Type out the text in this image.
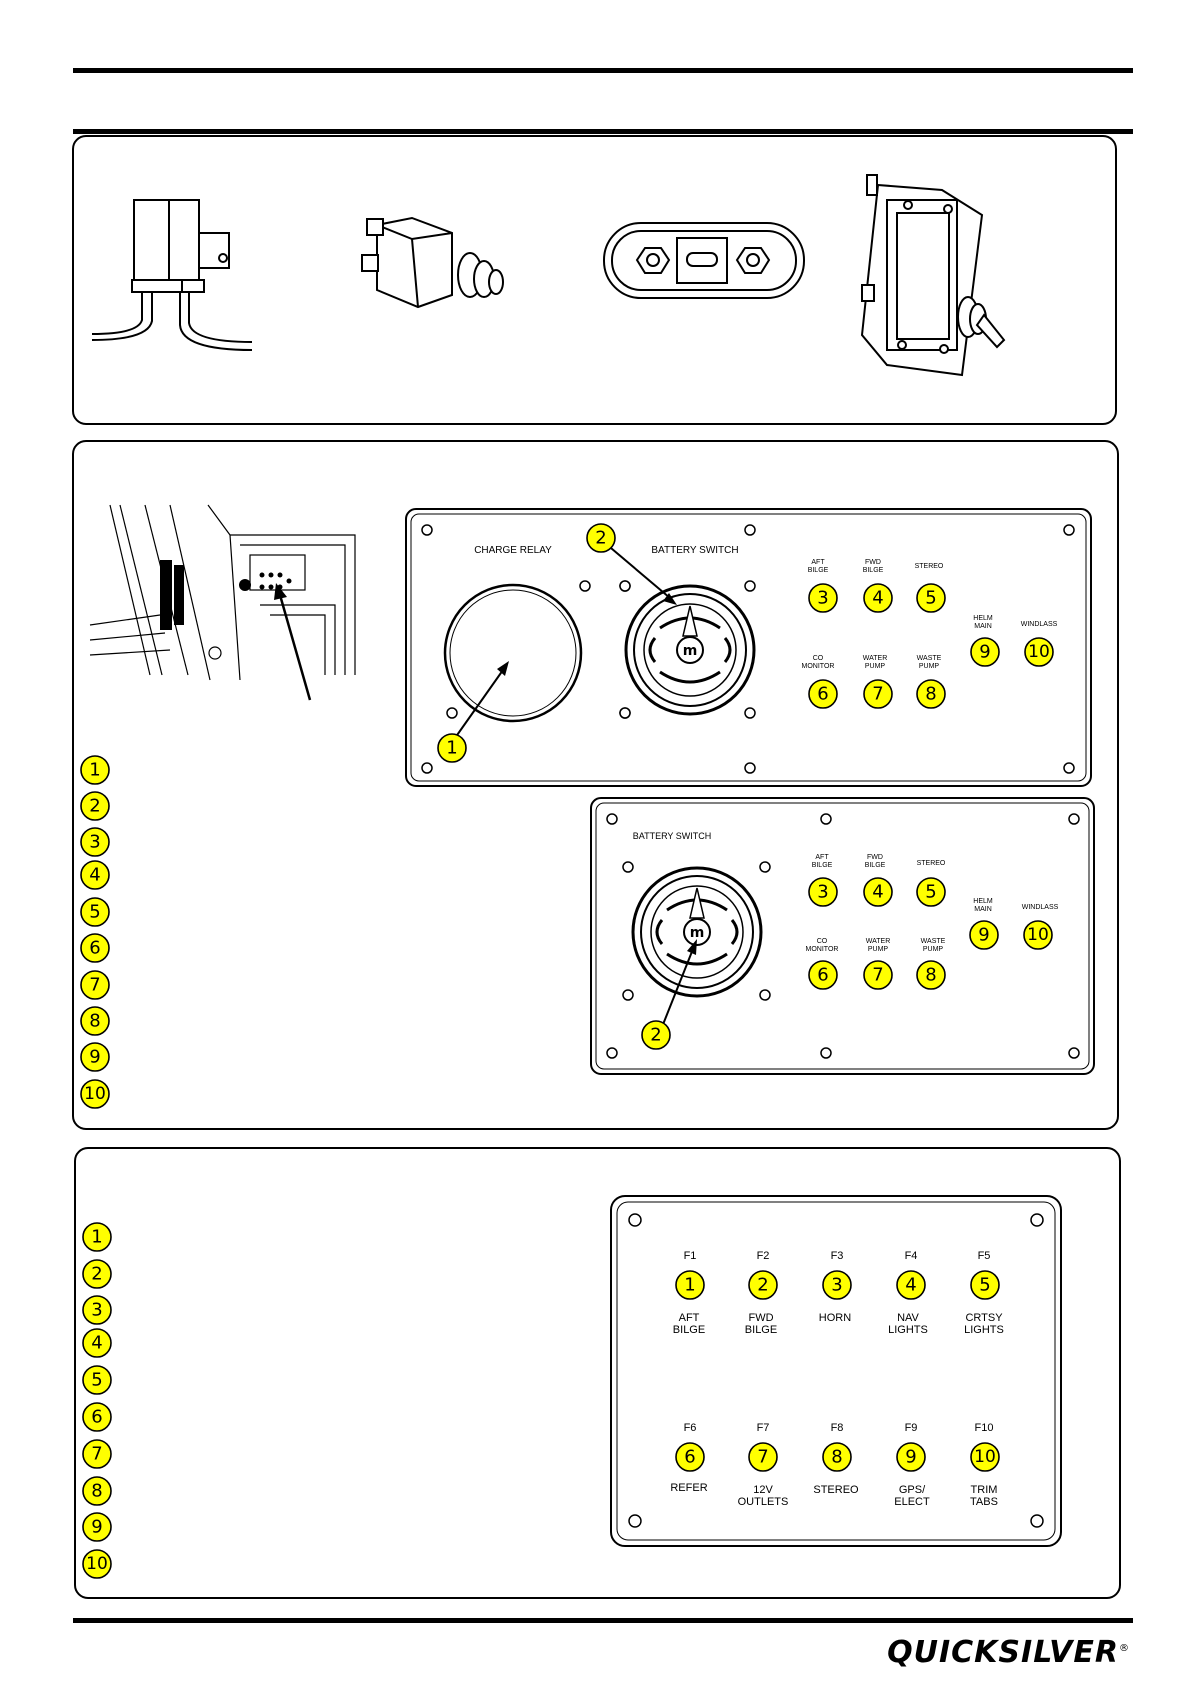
CHARGE RELAY	BATTERY SWITCH
m
1
2
AFT
BILGE
3
FWD
BILGE
4
STEREO
5
CO
MONITOR
6
WATER
PUMP
7
WASTE
PUMP
8
HELM
MAIN
9
WINDLASS
10
BATTERY SWITCH
m
2
AFT
BILGE
3
FWD
BILGE
4
STEREO
5
CO
MONITOR
6
WATER
PUMP
7
WASTE
PUMP
8
HELM
MAIN
9
WINDLASS
10
1
2
3
4
5
6
7
8
9
10
1
2
3
4
5
6
7
8
9
10
F1
1
AFT
BILGE
F2
2
FWD
BILGE
F3
3
HORN
F4
4
NAV
LIGHTS
F5
5
CRTSY
LIGHTS
F6
6
REFER
F7
7
12V
OUTLETS
F8
8
STEREO
F9
9
GPS/
ELECT
F10
10
TRIM
TABS
QUICKSILVER®
